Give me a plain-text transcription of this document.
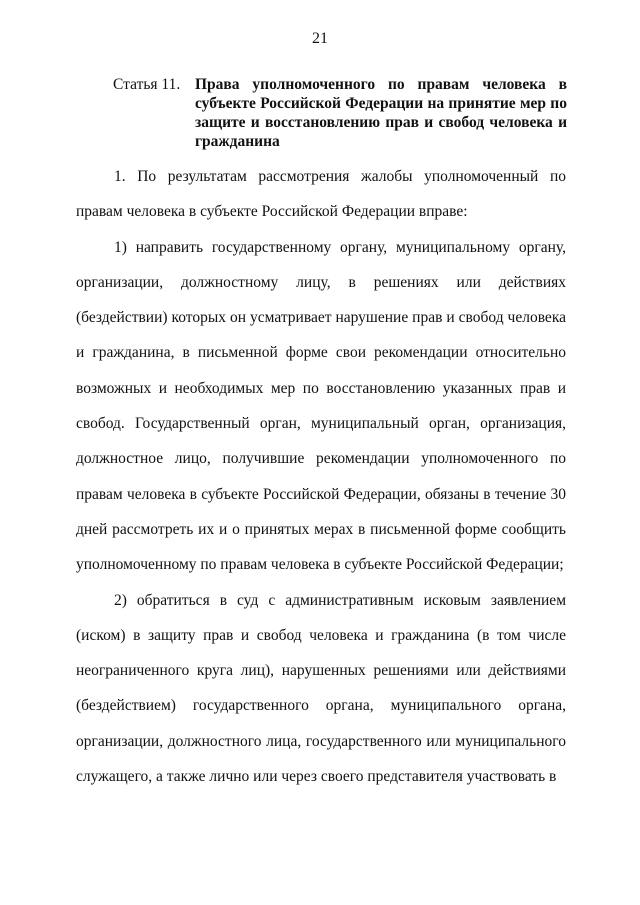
21
Статья 11. Права уполномоченного по правам человека в субъекте Российской Федерации на принятие мер по защите и восстановлению прав и свобод человека и гражданина

1. По результатам рассмотрения жалобы уполномоченный по правам человека в субъекте Российской Федерации вправе:

1) направить государственному органу, муниципальному органу, организации, должностному лицу, в решениях или действиях (бездействии) которых он усматривает нарушение прав и свобод человека и гражданина, в письменной форме свои рекомендации относительно возможных и необходимых мер по восстановлению указанных прав и свобод. Государственный орган, муниципальный орган, организация, должностное лицо, получившие рекомендации уполномоченного по правам человека в субъекте Российской Федерации, обязаны в течение 30 дней рассмотреть их и о принятых мерах в письменной форме сообщить уполномоченному по правам человека в субъекте Российской Федерации;

2) обратиться в суд с административным исковым заявлением (иском) в защиту прав и свобод человека и гражданина (в том числе неограниченного круга лиц), нарушенных решениями или действиями (бездействием) государственного органа, муниципального органа, организации, должностного лица, государственного или муниципального служащего, а также лично или через своего представителя участвовать в
